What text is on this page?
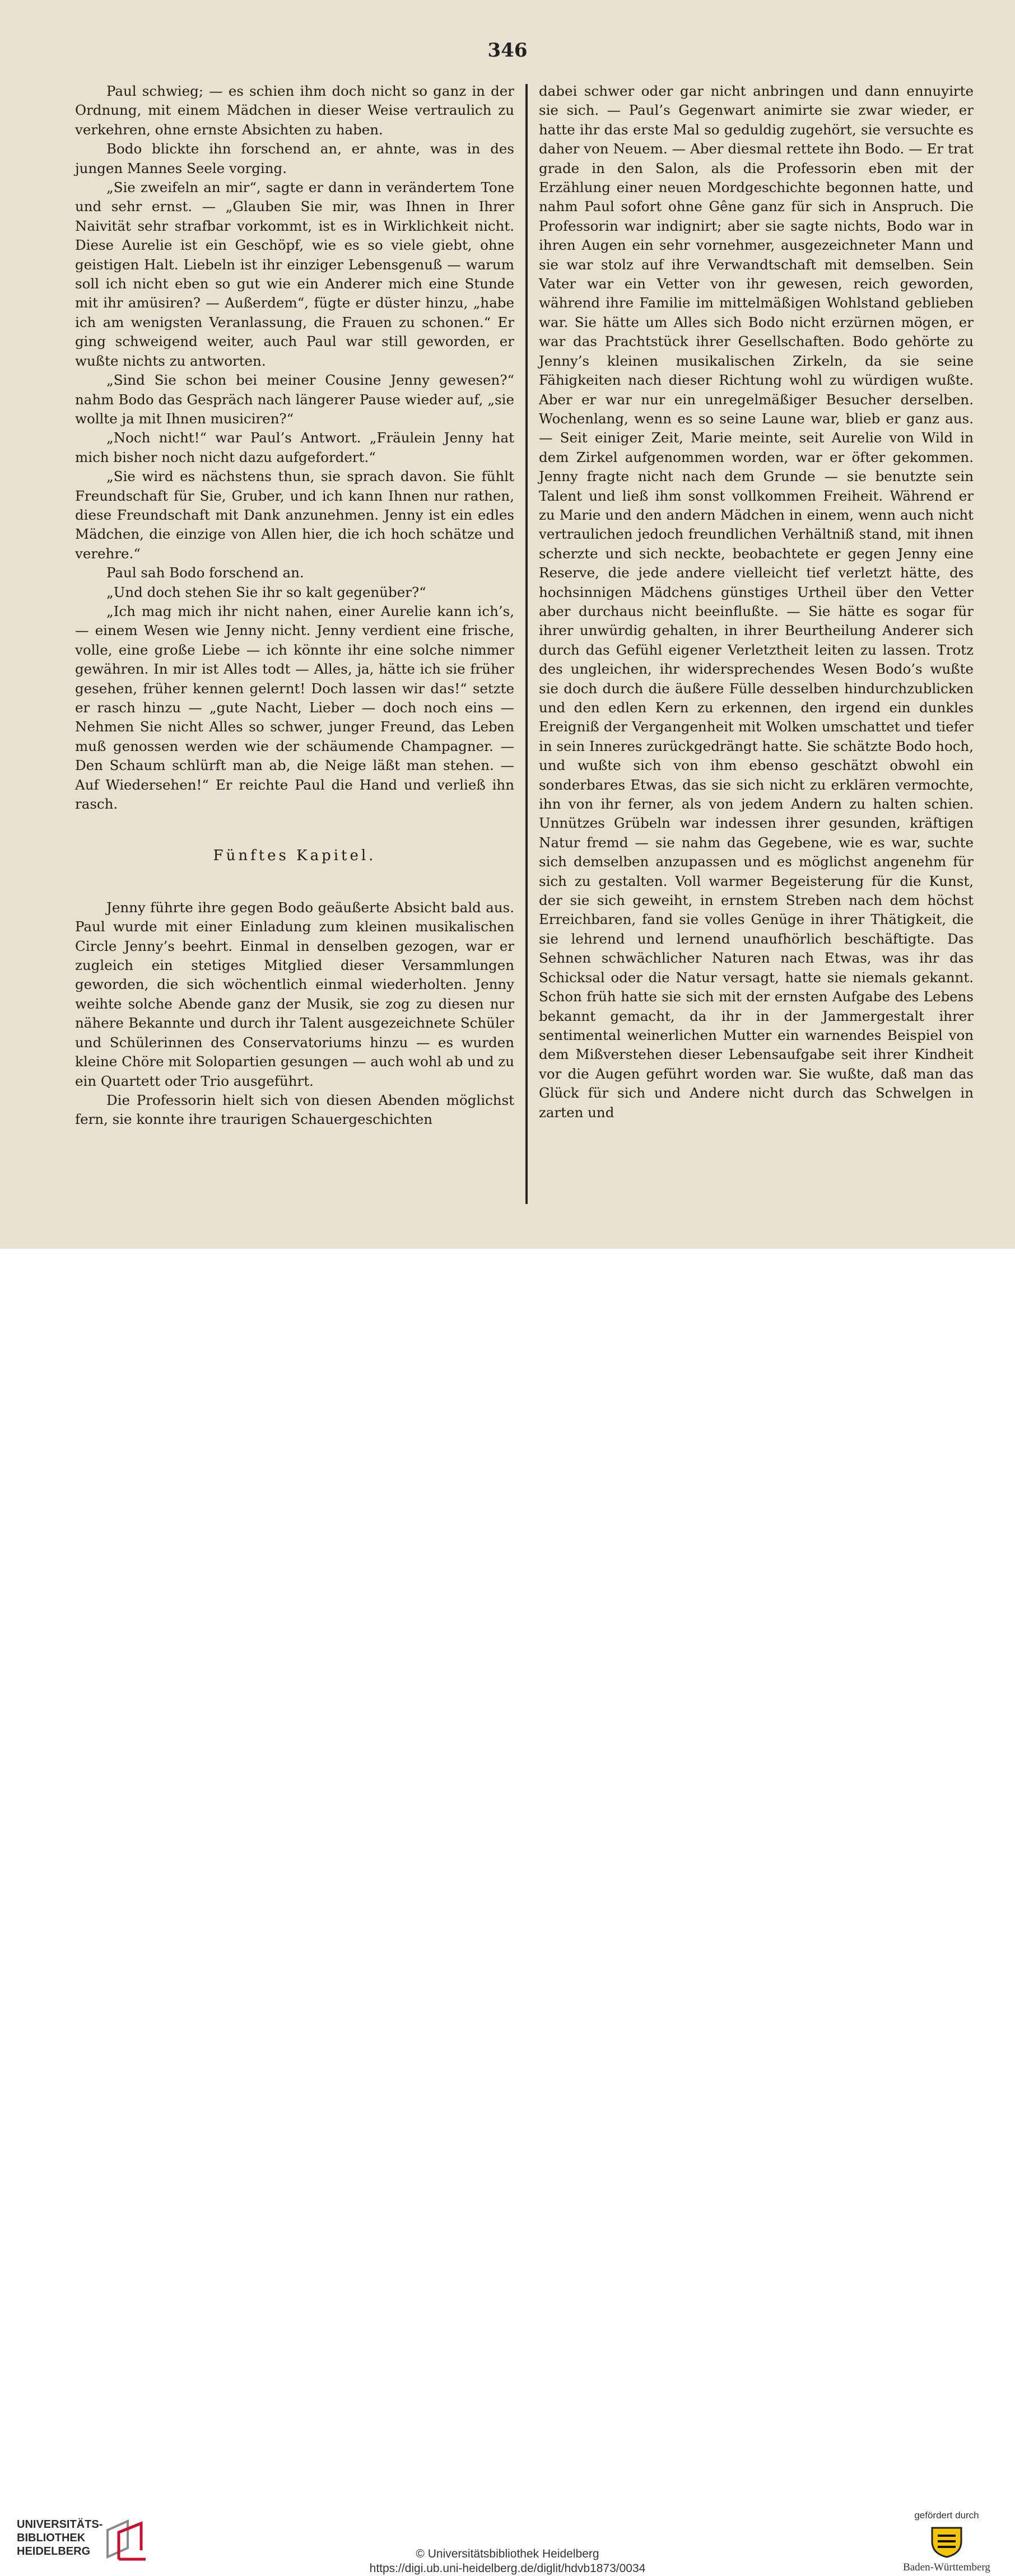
346

Paul schwieg; — es schien ihm doch nicht so ganz in der Ordnung, mit einem Mädchen in dieser Weise vertraulich zu verkehren, ohne ernste Absichten zu haben.

Bodo blickte ihn forschend an, er ahnte, was in des jungen Mannes Seele vorging.

„Sie zweifeln an mir“, sagte er dann in verändertem Tone und sehr ernst. — „Glauben Sie mir, was Ihnen in Ihrer Naivität sehr strafbar vorkommt, ist es in Wirklichkeit nicht. Diese Aurelie ist ein Geschöpf, wie es so viele giebt, ohne geistigen Halt. Liebeln ist ihr einziger Lebensgenuß — warum soll ich nicht eben so gut wie ein Anderer mich eine Stunde mit ihr amüsiren? — Außerdem“, fügte er düster hinzu, „habe ich am wenigsten Veranlassung, die Frauen zu schonen.“ Er ging schweigend weiter, auch Paul war still geworden, er wußte nichts zu antworten.

„Sind Sie schon bei meiner Cousine Jenny gewesen?“ nahm Bodo das Gespräch nach längerer Pause wieder auf, „sie wollte ja mit Ihnen musiciren?“

„Noch nicht!“ war Paul’s Antwort. „Fräulein Jenny hat mich bisher noch nicht dazu aufgefordert.“

„Sie wird es nächstens thun, sie sprach davon. Sie fühlt Freundschaft für Sie, Gruber, und ich kann Ihnen nur rathen, diese Freundschaft mit Dank anzunehmen. Jenny ist ein edles Mädchen, die einzige von Allen hier, die ich hoch schätze und verehre.“

Paul sah Bodo forschend an.

„Und doch stehen Sie ihr so kalt gegenüber?“

„Ich mag mich ihr nicht nahen, einer Aurelie kann ich’s, — einem Wesen wie Jenny nicht. Jenny verdient eine frische, volle, eine große Liebe — ich könnte ihr eine solche nimmer gewähren. In mir ist Alles todt — Alles, ja, hätte ich sie früher gesehen, früher kennen gelernt! Doch lassen wir das!“ setzte er rasch hinzu — „gute Nacht, Lieber — doch noch eins — Nehmen Sie nicht Alles so schwer, junger Freund, das Leben muß genossen werden wie der schäumende Champagner. — Den Schaum schlürft man ab, die Neige läßt man stehen. — Auf Wiedersehen!“ Er reichte Paul die Hand und verließ ihn rasch.

Fünftes Kapitel.

Jenny führte ihre gegen Bodo geäußerte Absicht bald aus. Paul wurde mit einer Einladung zum kleinen musikalischen Circle Jenny’s beehrt. Einmal in denselben gezogen, war er zugleich ein stetiges Mitglied dieser Versammlungen geworden, die sich wöchentlich einmal wiederholten. Jenny weihte solche Abende ganz der Musik, sie zog zu diesen nur nähere Bekannte und durch ihr Talent ausgezeichnete Schüler und Schülerinnen des Conservatoriums hinzu — es wurden kleine Chöre mit Solopartien gesungen — auch wohl ab und zu ein Quartett oder Trio ausgeführt.

Die Professorin hielt sich von diesen Abenden möglichst fern, sie konnte ihre traurigen Schauergeschichten

dabei schwer oder gar nicht anbringen und dann ennuyirte sie sich. — Paul’s Gegenwart animirte sie zwar wieder, er hatte ihr das erste Mal so geduldig zugehört, sie versuchte es daher von Neuem. — Aber diesmal rettete ihn Bodo. — Er trat grade in den Salon, als die Professorin eben mit der Erzählung einer neuen Mordgeschichte begonnen hatte, und nahm Paul sofort ohne Gêne ganz für sich in Anspruch. Die Professorin war indignirt; aber sie sagte nichts, Bodo war in ihren Augen ein sehr vornehmer, ausgezeichneter Mann und sie war stolz auf ihre Verwandtschaft mit demselben. Sein Vater war ein Vetter von ihr gewesen, reich geworden, während ihre Familie im mittelmäßigen Wohlstand geblieben war. Sie hätte um Alles sich Bodo nicht erzürnen mögen, er war das Prachtstück ihrer Gesellschaften. Bodo gehörte zu Jenny’s kleinen musikalischen Zirkeln, da sie seine Fähigkeiten nach dieser Richtung wohl zu würdigen wußte. Aber er war nur ein unregelmäßiger Besucher derselben. Wochenlang, wenn es so seine Laune war, blieb er ganz aus. — Seit einiger Zeit, Marie meinte, seit Aurelie von Wild in dem Zirkel aufgenommen worden, war er öfter gekommen. Jenny fragte nicht nach dem Grunde — sie benutzte sein Talent und ließ ihm sonst vollkommen Freiheit. Während er zu Marie und den andern Mädchen in einem, wenn auch nicht vertraulichen jedoch freundlichen Verhältniß stand, mit ihnen scherzte und sich neckte, beobachtete er gegen Jenny eine Reserve, die jede andere vielleicht tief verletzt hätte, des hochsinnigen Mädchens günstiges Urtheil über den Vetter aber durchaus nicht beeinflußte. — Sie hätte es sogar für ihrer unwürdig gehalten, in ihrer Beurtheilung Anderer sich durch das Gefühl eigener Verletztheit leiten zu lassen. Trotz des ungleichen, ihr widersprechendes Wesen Bodo’s wußte sie doch durch die äußere Fülle desselben hindurchzublicken und den edlen Kern zu erkennen, den irgend ein dunkles Ereigniß der Vergangenheit mit Wolken umschattet und tiefer in sein Inneres zurückgedrängt hatte. Sie schätzte Bodo hoch, und wußte sich von ihm ebenso geschätzt obwohl ein sonderbares Etwas, das sie sich nicht zu erklären vermochte, ihn von ihr ferner, als von jedem Andern zu halten schien. Unnützes Grübeln war indessen ihrer gesunden, kräftigen Natur fremd — sie nahm das Gegebene, wie es war, suchte sich demselben anzupassen und es möglichst angenehm für sich zu gestalten. Voll warmer Begeisterung für die Kunst, der sie sich geweiht, in ernstem Streben nach dem höchst Erreichbaren, fand sie volles Genüge in ihrer Thätigkeit, die sie lehrend und lernend unaufhörlich beschäftigte. Das Sehnen schwächlicher Naturen nach Etwas, was ihr das Schicksal oder die Natur versagt, hatte sie niemals gekannt. Schon früh hatte sie sich mit der ernsten Aufgabe des Lebens bekannt gemacht, da ihr in der Jammergestalt ihrer sentimental weinerlichen Mutter ein warnendes Beispiel von dem Mißverstehen dieser Lebensaufgabe seit ihrer Kindheit vor die Augen geführt worden war. Sie wußte, daß man das Glück für sich und Andere nicht durch das Schwelgen in zarten und

UNIVERSITÄTS-
BIBLIOTHEK
HEIDELBERG	© Universitätsbibliothek Heidelberg
https://digi.ub.uni-heidelberg.de/diglit/hdvb1873/0034
gefördert durch
Baden-Württemberg
